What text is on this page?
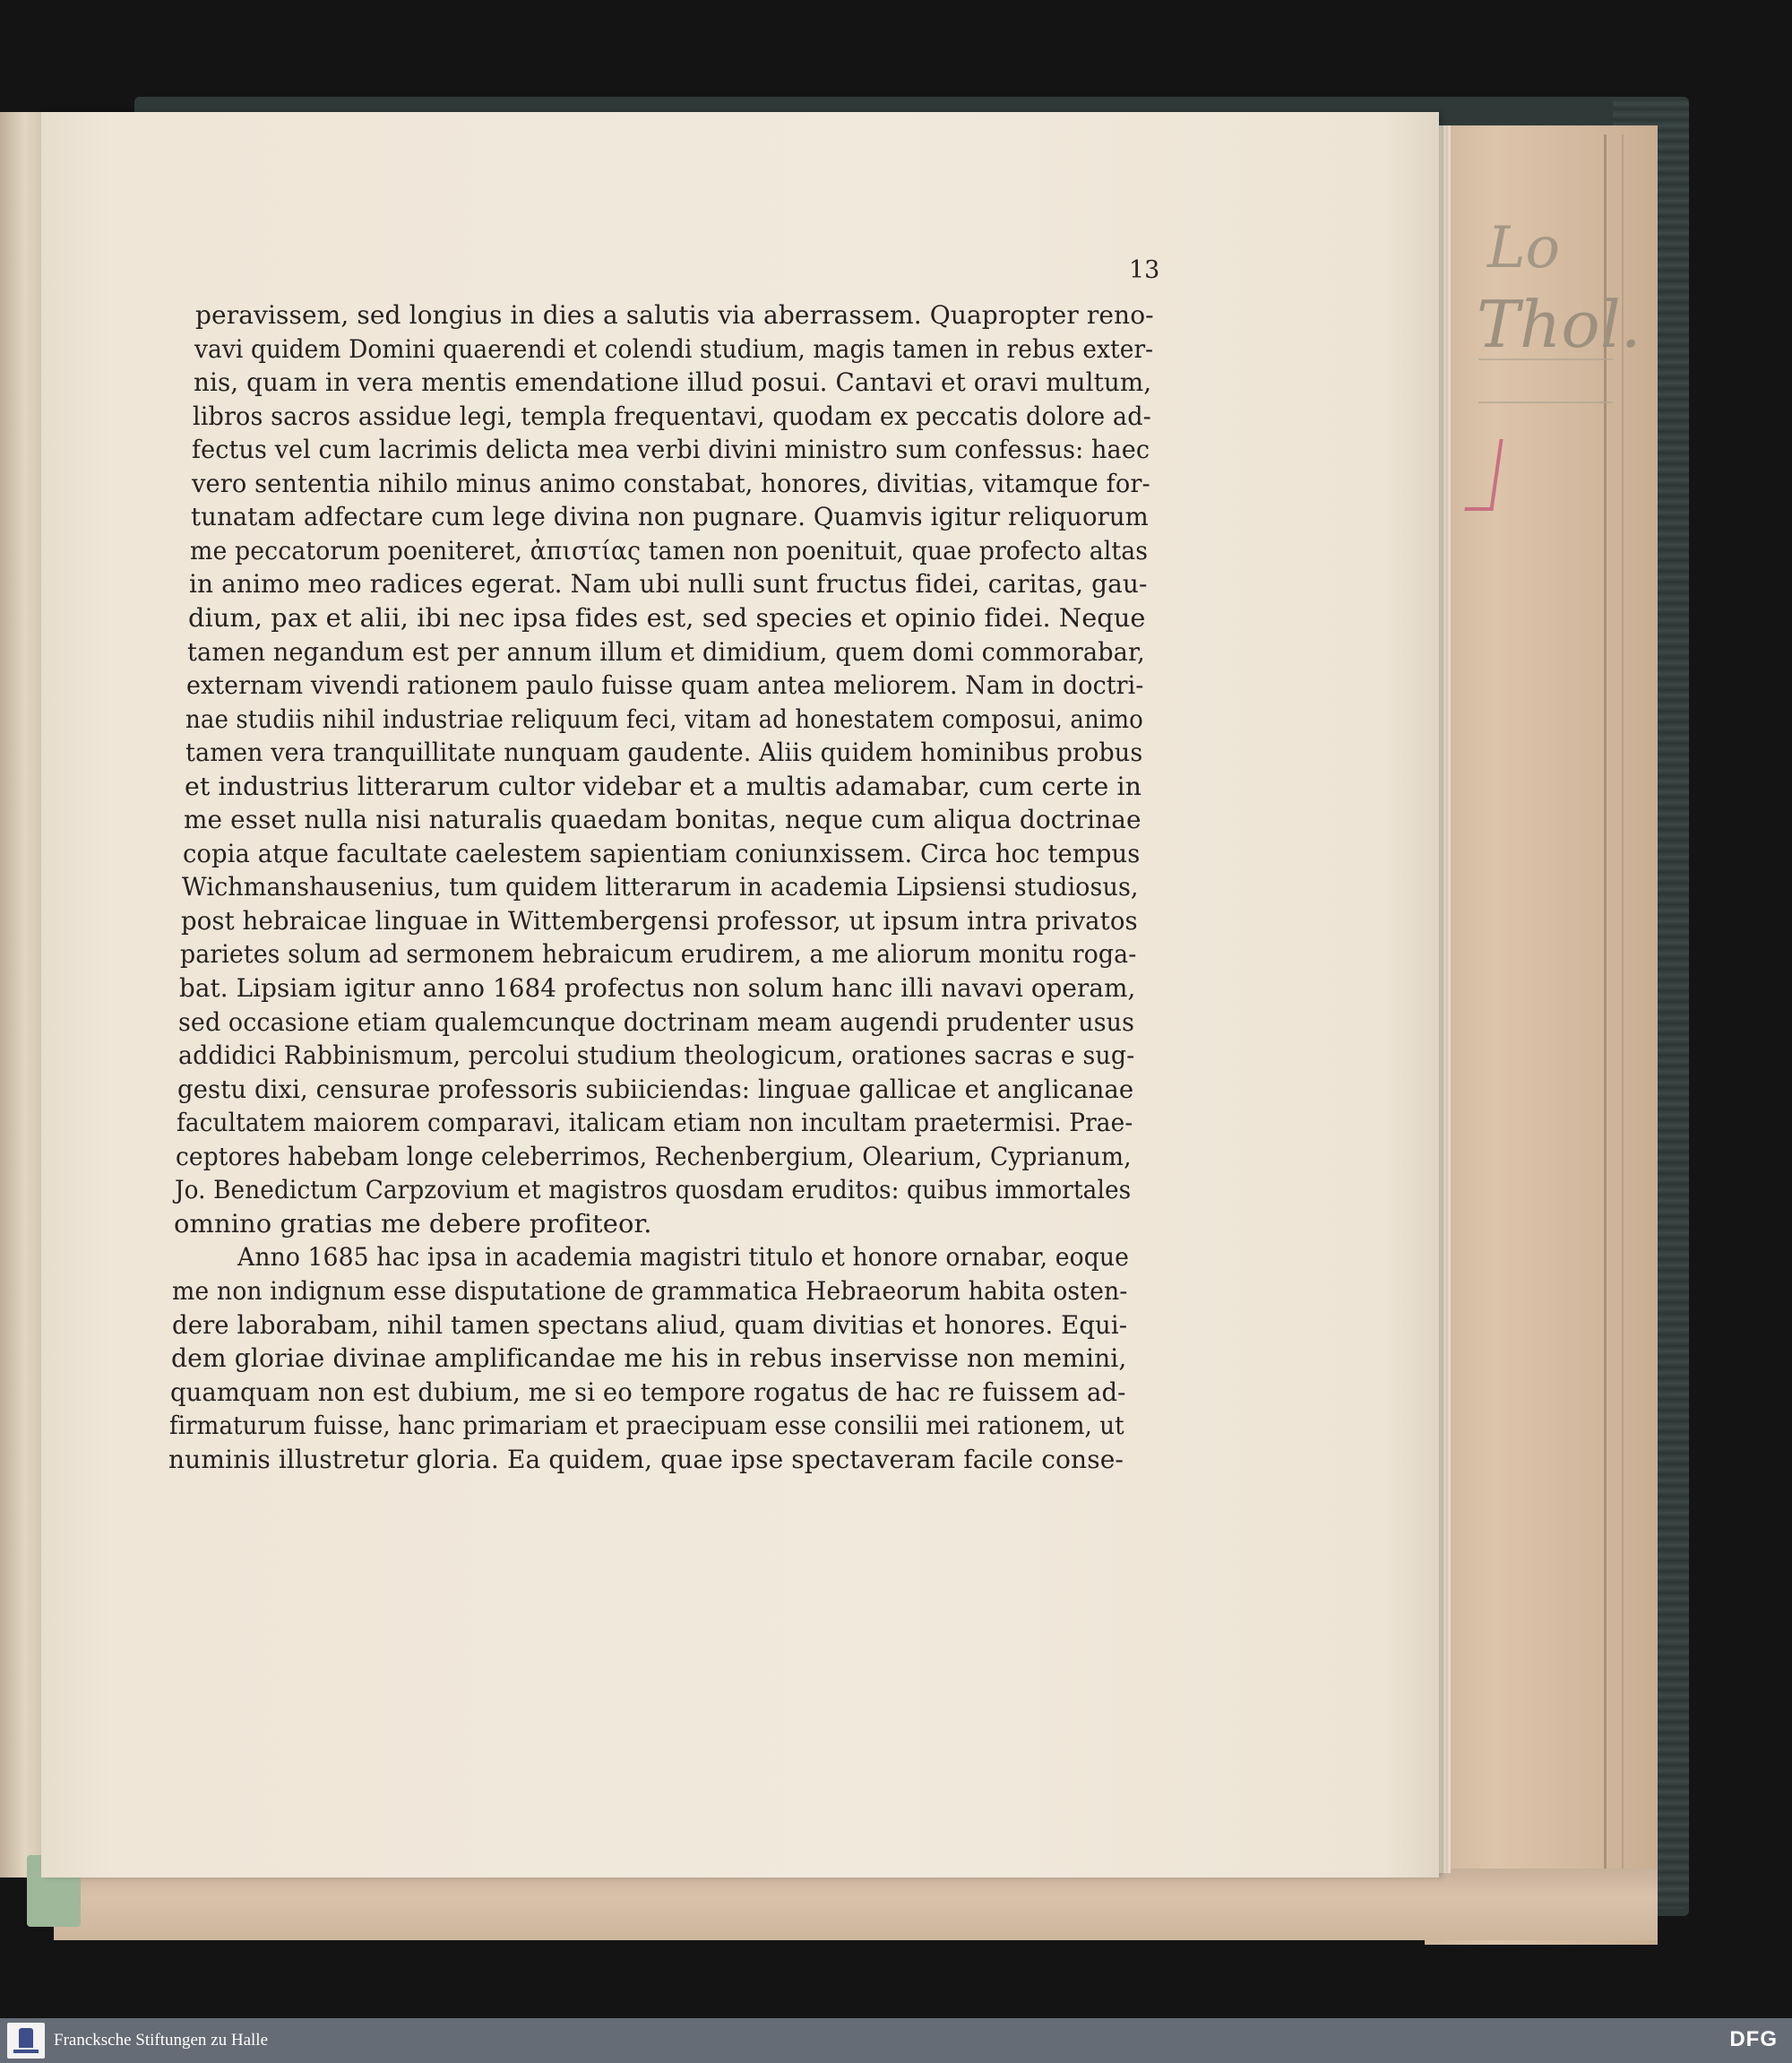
Lo
Thol.
13
peravissem, sed longius in dies a salutis via aberrassem. Quapropter reno-
vavi quidem Domini quaerendi et colendi studium, magis tamen in rebus exter-
nis, quam in vera mentis emendatione illud posui. Cantavi et oravi multum,
libros sacros assidue legi, templa frequentavi, quodam ex peccatis dolore ad-
fectus vel cum lacrimis delicta mea verbi divini ministro sum confessus: haec
vero sententia nihilo minus animo constabat, honores, divitias, vitamque for-
tunatam adfectare cum lege divina non pugnare. Quamvis igitur reliquorum
me peccatorum poeniteret, ἀπιστίας tamen non poenituit, quae profecto altas
in animo meo radices egerat. Nam ubi nulli sunt fructus fidei, caritas, gau-
dium, pax et alii, ibi nec ipsa fides est, sed species et opinio fidei. Neque
tamen negandum est per annum illum et dimidium, quem domi commorabar,
externam vivendi rationem paulo fuisse quam antea meliorem. Nam in doctri-
nae studiis nihil industriae reliquum feci, vitam ad honestatem composui, animo
tamen vera tranquillitate nunquam gaudente. Aliis quidem hominibus probus
et industrius litterarum cultor videbar et a multis adamabar, cum certe in
me esset nulla nisi naturalis quaedam bonitas, neque cum aliqua doctrinae
copia atque facultate caelestem sapientiam coniunxissem. Circa hoc tempus
Wichmanshausenius, tum quidem litterarum in academia Lipsiensi studiosus,
post hebraicae linguae in Wittembergensi professor, ut ipsum intra privatos
parietes solum ad sermonem hebraicum erudirem, a me aliorum monitu roga-
bat. Lipsiam igitur anno 1684 profectus non solum hanc illi navavi operam,
sed occasione etiam qualemcunque doctrinam meam augendi prudenter usus
addidici Rabbinismum, percolui studium theologicum, orationes sacras e sug-
gestu dixi, censurae professoris subiiciendas: linguae gallicae et anglicanae
facultatem maiorem comparavi, italicam etiam non incultam praetermisi. Prae-
ceptores habebam longe celeberrimos, Rechenbergium, Olearium, Cyprianum,
Jo. Benedictum Carpzovium et magistros quosdam eruditos: quibus immortales
omnino gratias me debere profiteor.
Anno 1685 hac ipsa in academia magistri titulo et honore ornabar, eoque
me non indignum esse disputatione de grammatica Hebraeorum habita osten-
dere laborabam, nihil tamen spectans aliud, quam divitias et honores. Equi-
dem gloriae divinae amplificandae me his in rebus inservisse non memini,
quamquam non est dubium, me si eo tempore rogatus de hac re fuissem ad-
firmaturum fuisse, hanc primariam et praecipuam esse consilii mei rationem, ut
numinis illustretur gloria. Ea quidem, quae ipse spectaveram facile conse-
Francksche Stiftungen zu Halle	DFG
